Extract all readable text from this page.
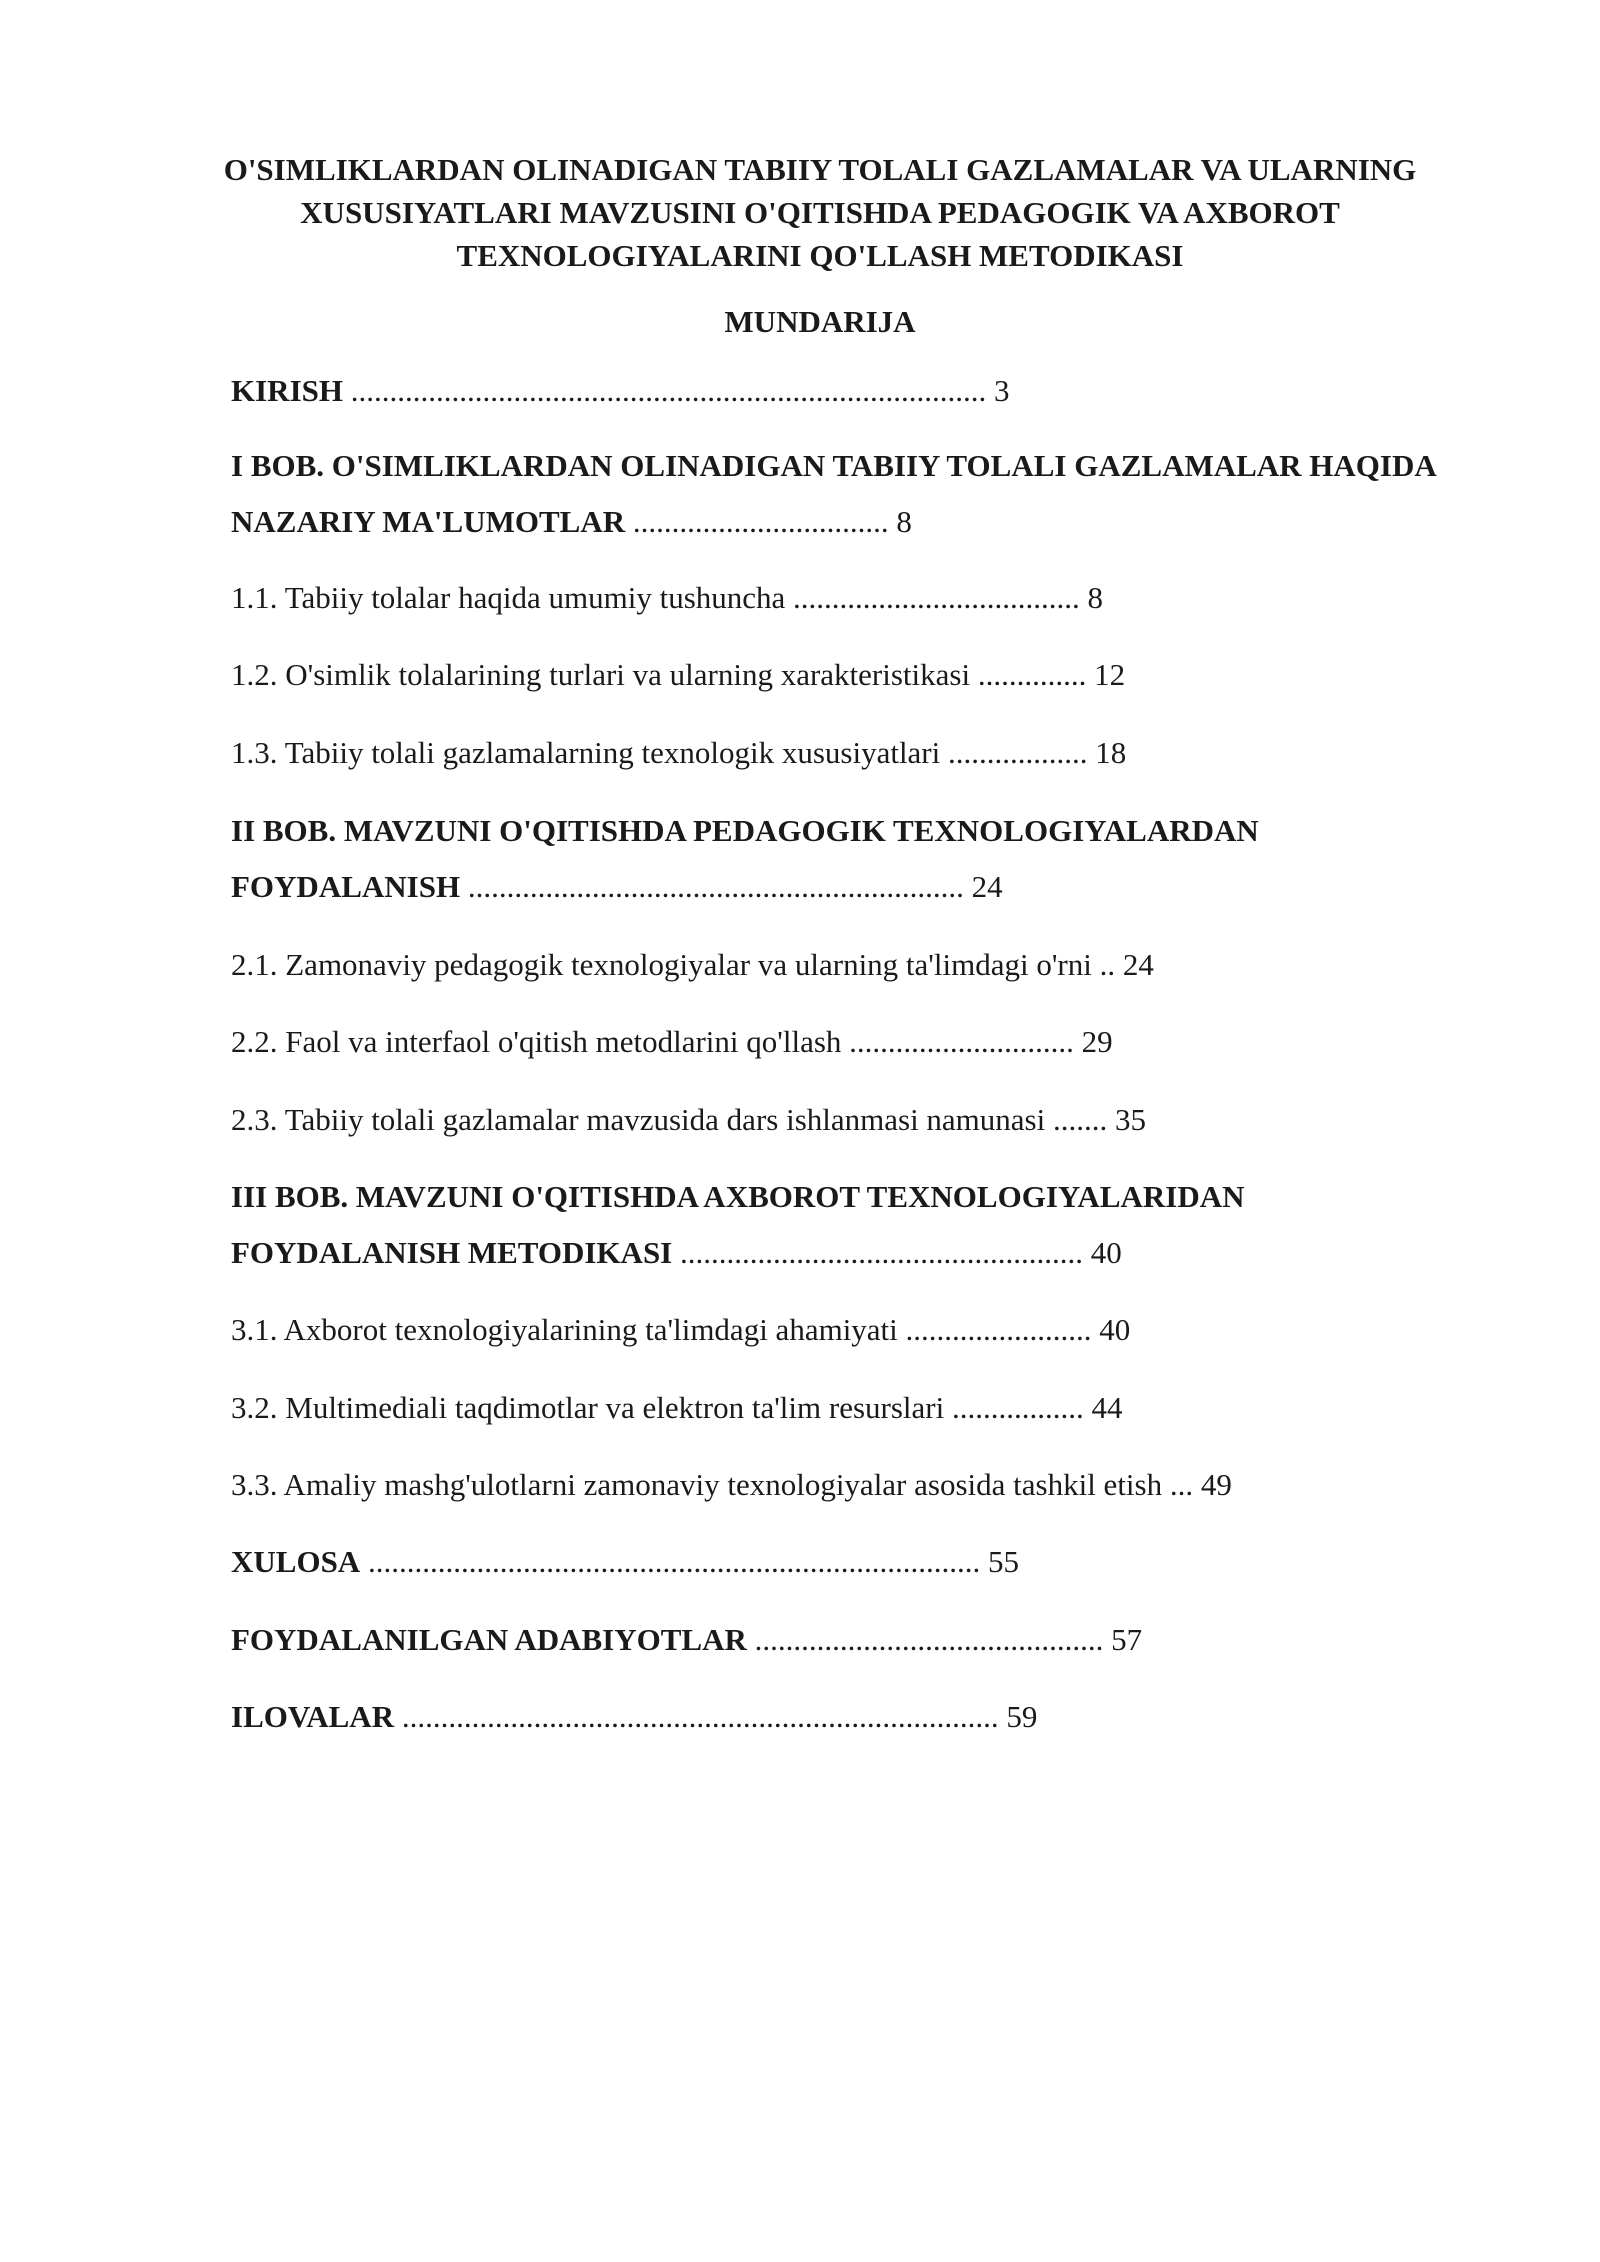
O'SIMLIKLARDAN OLINADIGAN TABIIY TOLALI GAZLAMALAR VA ULARNING
XUSUSIYATLARI MAVZUSINI O'QITISHDA PEDAGOGIK VA AXBOROT
TEXNOLOGIYALARINI QO'LLASH METODIKASI
MUNDARIJA
KIRISH .................................................................................. 3
I BOB. O'SIMLIKLARDAN OLINADIGAN TABIIY TOLALI GAZLAMALAR HAQIDA
NAZARIY MA'LUMOTLAR ................................. 8
1.1. Tabiiy tolalar haqida umumiy tushuncha ..................................... 8
1.2. O'simlik tolalarining turlari va ularning xarakteristikasi .............. 12
1.3. Tabiiy tolali gazlamalarning texnologik xususiyatlari .................. 18
II BOB. MAVZUNI O'QITISHDA PEDAGOGIK TEXNOLOGIYALARDAN
FOYDALANISH ................................................................ 24
2.1. Zamonaviy pedagogik texnologiyalar va ularning ta'limdagi o'rni .. 24
2.2. Faol va interfaol o'qitish metodlarini qo'llash ............................. 29
2.3. Tabiiy tolali gazlamalar mavzusida dars ishlanmasi namunasi ....... 35
III BOB. MAVZUNI O'QITISHDA AXBOROT TEXNOLOGIYALARIDAN
FOYDALANISH METODIKASI .................................................... 40
3.1. Axborot texnologiyalarining ta'limdagi ahamiyati ........................ 40
3.2. Multimediali taqdimotlar va elektron ta'lim resurslari ................. 44
3.3. Amaliy mashg'ulotlarni zamonaviy texnologiyalar asosida tashkil etish ... 49
XULOSA ............................................................................... 55
FOYDALANILGAN ADABIYOTLAR ............................................. 57
ILOVALAR ............................................................................. 59
